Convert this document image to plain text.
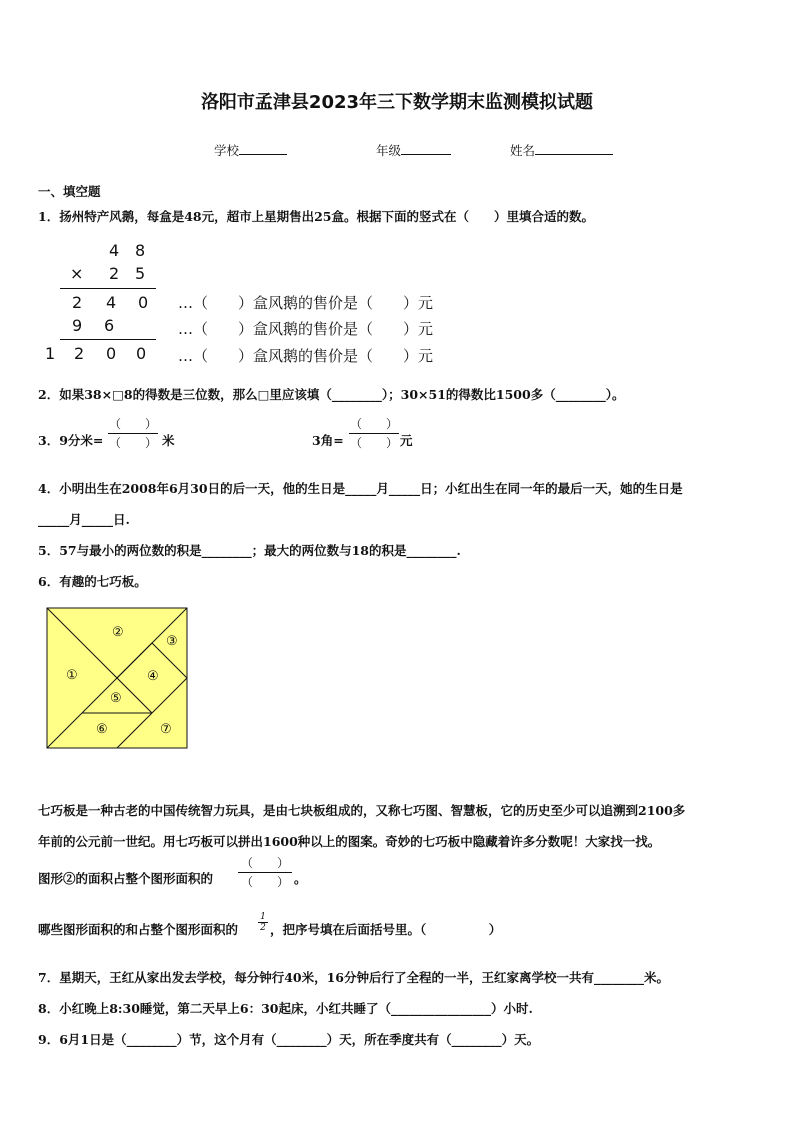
洛阳市孟津县2023年三下数学期末监测模拟试题
学校	年级	姓名
一、填空题
1．扬州特产风鹅，每盒是48元，超市上星期售出25盒。根据下面的竖式在（　　）里填合适的数。
4 8
× 2 5
2 4 0 …（　　）盒风鹅的售价是（　　）元
9 6	…（　　）盒风鹅的售价是（　　）元
1 2 0 0 …（　　）盒风鹅的售价是（　　）元
2．如果38×□8的得数是三位数，那么□里应该填（________）；30×51的得数比1500多（________）。
3．9分米=
（　　）
（　　） 米	3角=
（　　）
（　　） 元
4．小明出生在2008年6月30日的后一天，他的生日是_____月_____日；小红出生在同一年的最后一天，她的生日是
_____月_____日.
5．57与最小的两位数的积是________；最大的两位数与18的积是________.
6．有趣的七巧板。
①
②
③
④
⑤
⑥	⑦
七巧板是一种古老的中国传统智力玩具，是由七块板组成的，又称七巧图、智慧板，它的历史至少可以追溯到2100多
年前的公元前一世纪。用七巧板可以拼出1600种以上的图案。奇妙的七巧板中隐藏着许多分数呢！大家找一找。
图形②的面积占整个图形面积的
（　　）
（　　） 。
哪些图形面积的和占整个图形面积的
1
2 ，把序号填在后面括号里。（　　　　　）
7．星期天，王红从家出发去学校，每分钟行40米，16分钟后行了全程的一半，王红家离学校一共有________米。
8．小红晚上8:30睡觉，第二天早上6：30起床，小红共睡了（________________）小时.
9．6月1日是（________）节，这个月有（________）天，所在季度共有（________）天。
